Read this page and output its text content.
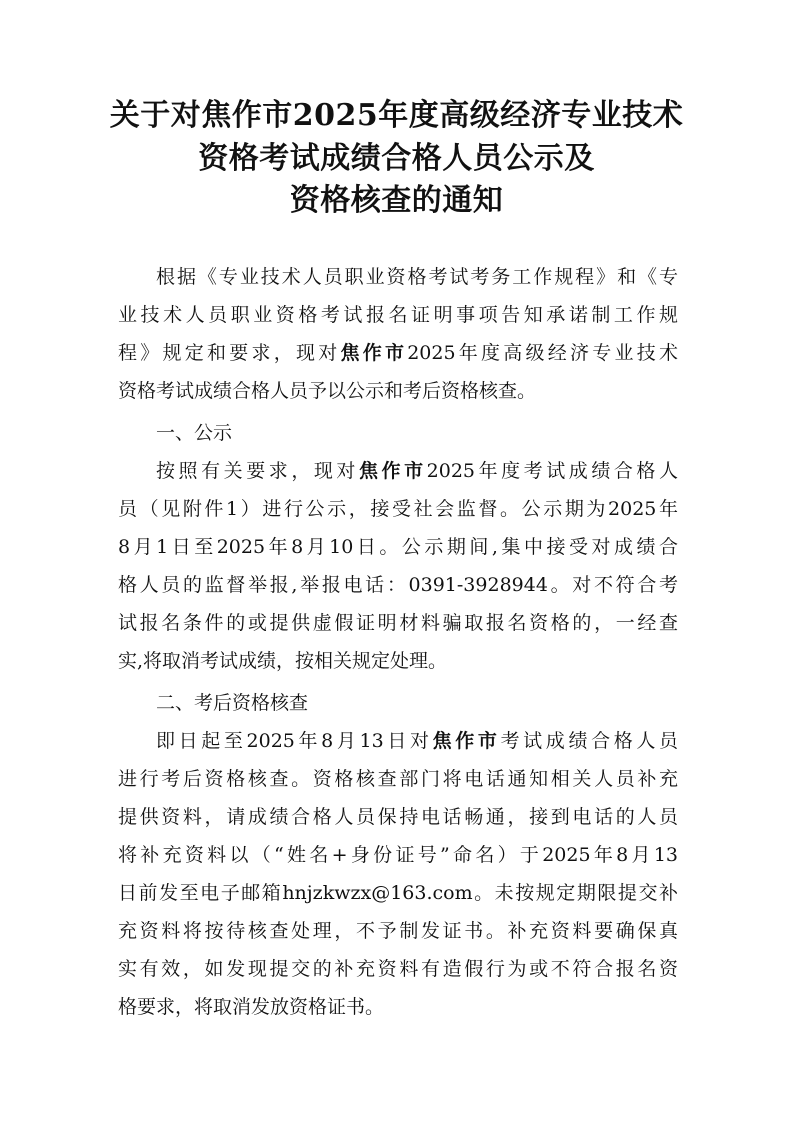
关于对焦作市2025年度高级经济专业技术
资格考试成绩合格人员公示及
资格核查的通知
根据《专业技术人员职业资格考试考务工作规程》和《专
业技术人员职业资格考试报名证明事项告知承诺制工作规
程》规定和要求，现对焦作市2025年度高级经济专业技术
资格考试成绩合格人员予以公示和考后资格核查。

一、公示

按照有关要求，现对焦作市2025年度考试成绩合格人
员（见附件1）进行公示，接受社会监督。公示期为2025年
8月1日至2025年8月10日。公示期间,集中接受对成绩合
格人员的监督举报,举报电话：0391-3928944。对不符合考
试报名条件的或提供虚假证明材料骗取报名资格的，一经查
实,将取消考试成绩，按相关规定处理。

二、考后资格核查

即日起至2025年8月13日对焦作市考试成绩合格人员
进行考后资格核查。资格核查部门将电话通知相关人员补充
提供资料，请成绩合格人员保持电话畅通，接到电话的人员
将补充资料以（“姓名+身份证号”命名）于2025年8月13
日前发至电子邮箱hnjzkwzx@163.com。未按规定期限提交补
充资料将按待核查处理，不予制发证书。补充资料要确保真
实有效，如发现提交的补充资料有造假行为或不符合报名资
格要求，将取消发放资格证书。
